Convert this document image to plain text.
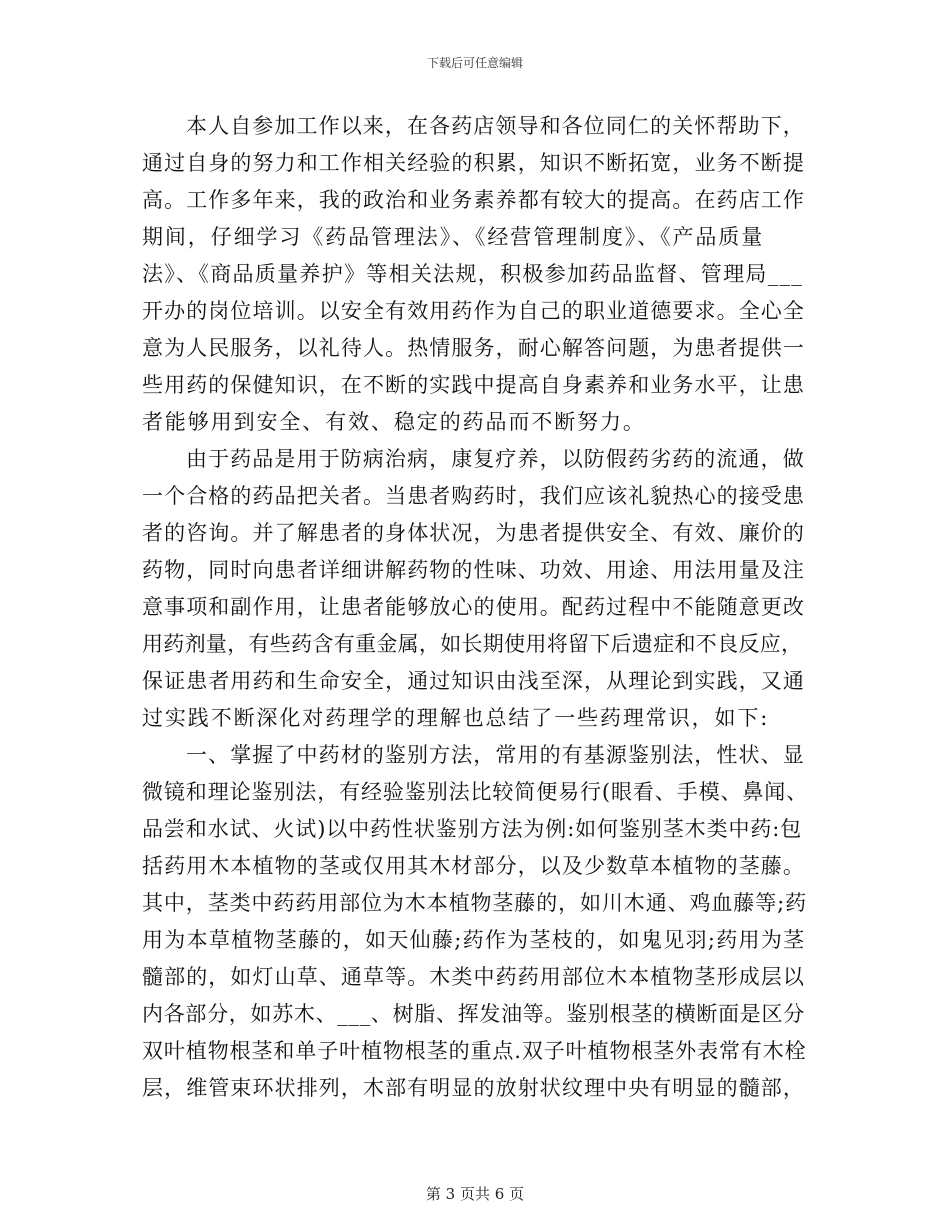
下载后可任意编辑
本人自参加工作以来，在各药店领导和各位同仁的关怀帮助下，
通过自身的努力和工作相关经验的积累，知识不断拓宽，业务不断提
高。工作多年来，我的政治和业务素养都有较大的提高。在药店工作
期间，仔细学习《药品管理法》、《经营管理制度》、《产品质量
法》、《商品质量养护》等相关法规，积极参加药品监督、管理局___
开办的岗位培训。以安全有效用药作为自己的职业道德要求。全心全
意为人民服务，以礼待人。热情服务，耐心解答问题，为患者提供一
些用药的保健知识，在不断的实践中提高自身素养和业务水平，让患
者能够用到安全、有效、稳定的药品而不断努力。
由于药品是用于防病治病，康复疗养，以防假药劣药的流通，做
一个合格的药品把关者。当患者购药时，我们应该礼貌热心的接受患
者的咨询。并了解患者的身体状况，为患者提供安全、有效、廉价的
药物，同时向患者详细讲解药物的性味、功效、用途、用法用量及注
意事项和副作用，让患者能够放心的使用。配药过程中不能随意更改
用药剂量，有些药含有重金属，如长期使用将留下后遗症和不良反应，
保证患者用药和生命安全，通过知识由浅至深，从理论到实践，又通
过实践不断深化对药理学的理解也总结了一些药理常识，如下:
一、掌握了中药材的鉴别方法，常用的有基源鉴别法，性状、显
微镜和理论鉴别法，有经验鉴别法比较简便易行(眼看、手模、鼻闻、
品尝和水试、火试)以中药性状鉴别方法为例:如何鉴别茎木类中药:包
括药用木本植物的茎或仅用其木材部分，以及少数草本植物的茎藤。
其中，茎类中药药用部位为木本植物茎藤的，如川木通、鸡血藤等;药
用为本草植物茎藤的，如天仙藤;药作为茎枝的，如鬼见羽;药用为茎
髓部的，如灯山草、通草等。木类中药药用部位木本植物茎形成层以
内各部分，如苏木、___、树脂、挥发油等。鉴别根茎的横断面是区分
双叶植物根茎和单子叶植物根茎的重点.双子叶植物根茎外表常有木栓
层，维管束环状排列，木部有明显的放射状纹理中央有明显的髓部，
第 3 页共 6 页
